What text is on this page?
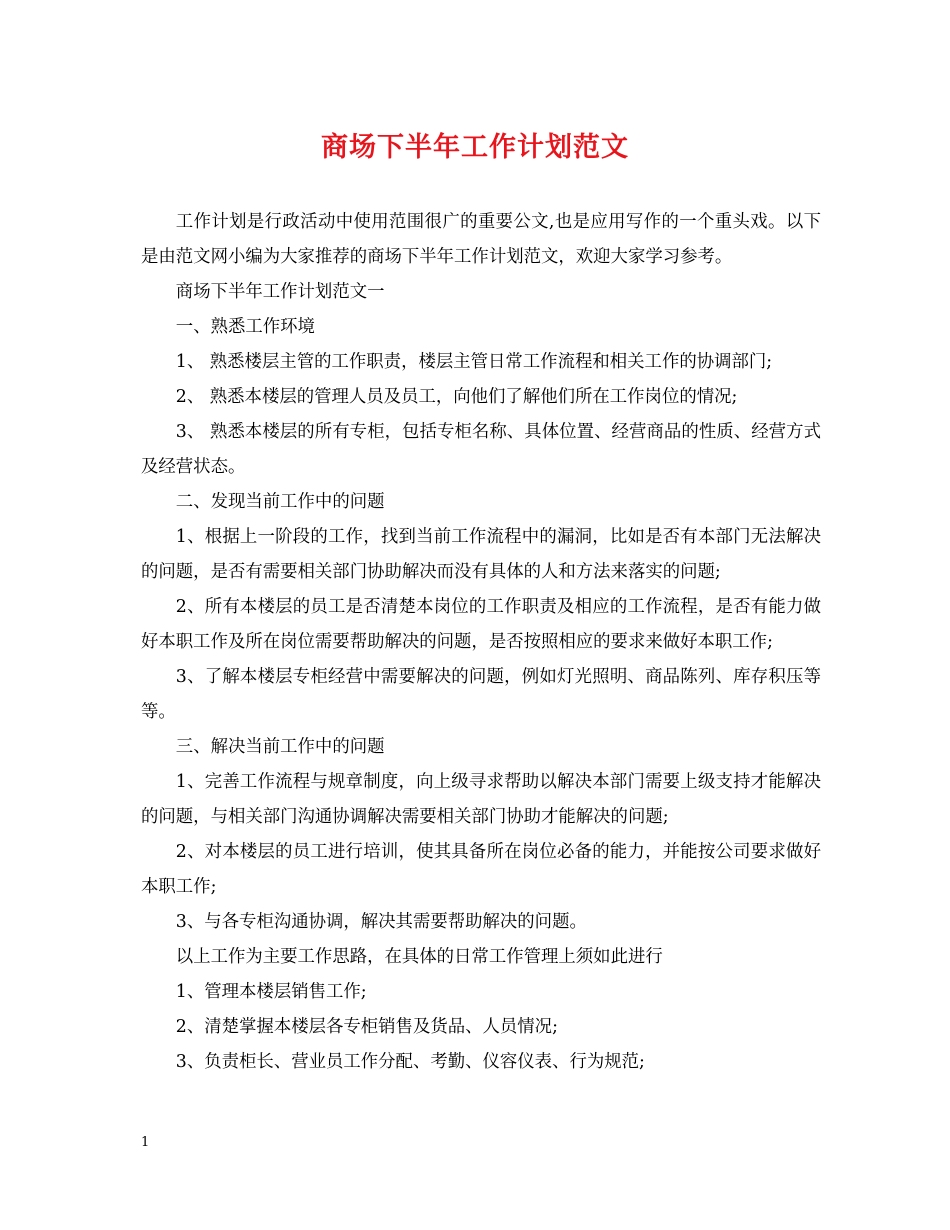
商场下半年工作计划范文

工作计划是行政活动中使用范围很广的重要公文,也是应用写作的一个重头戏。以下是由范文网小编为大家推荐的商场下半年工作计划范文，欢迎大家学习参考。

商场下半年工作计划范文一

一、熟悉工作环境

1、 熟悉楼层主管的工作职责，楼层主管日常工作流程和相关工作的协调部门;

2、 熟悉本楼层的管理人员及员工，向他们了解他们所在工作岗位的情况;

3、 熟悉本楼层的所有专柜，包括专柜名称、具体位置、经营商品的性质、经营方式及经营状态。

二、发现当前工作中的问题

1、根据上一阶段的工作，找到当前工作流程中的漏洞，比如是否有本部门无法解决的问题，是否有需要相关部门协助解决而没有具体的人和方法来落实的问题;

2、所有本楼层的员工是否清楚本岗位的工作职责及相应的工作流程，是否有能力做好本职工作及所在岗位需要帮助解决的问题，是否按照相应的要求来做好本职工作;

3、了解本楼层专柜经营中需要解决的问题，例如灯光照明、商品陈列、库存积压等等。

三、解决当前工作中的问题

1、完善工作流程与规章制度，向上级寻求帮助以解决本部门需要上级支持才能解决的问题，与相关部门沟通协调解决需要相关部门协助才能解决的问题;

2、对本楼层的员工进行培训，使其具备所在岗位必备的能力，并能按公司要求做好本职工作;

3、与各专柜沟通协调，解决其需要帮助解决的问题。

以上工作为主要工作思路，在具体的日常工作管理上须如此进行

1、管理本楼层销售工作;

2、清楚掌握本楼层各专柜销售及货品、人员情况;

3、负责柜长、营业员工作分配、考勤、仪容仪表、行为规范;

1
